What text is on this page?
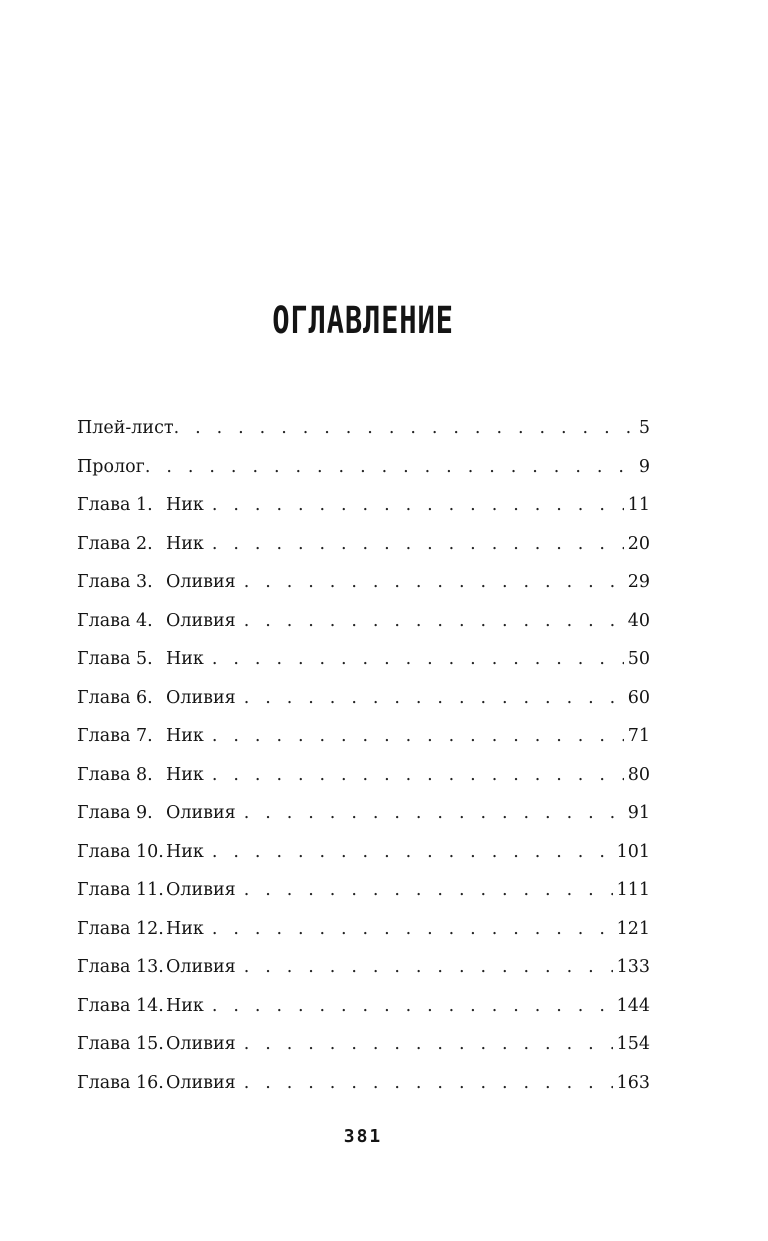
ОГЛАВЛЕНИЕ
Плей-лист . . .	5
Пролог . . .	9
Глава 1. Ник . . .	11
Глава 2. Ник . . .	20
Глава 3. Оливия . . .	29
Глава 4. Оливия . . .	40
Глава 5. Ник . . .	50
Глава 6. Оливия . . .	60
Глава 7. Ник . . .	71
Глава 8. Ник . . .	80
Глава 9. Оливия . . .	91
Глава 10. Ник . . .	101
Глава 11. Оливия . . .	111
Глава 12. Ник . . .	121
Глава 13. Оливия . . .	133
Глава 14. Ник . . .	144
Глава 15. Оливия . . .	154
Глава 16. Оливия . . .	163
381
